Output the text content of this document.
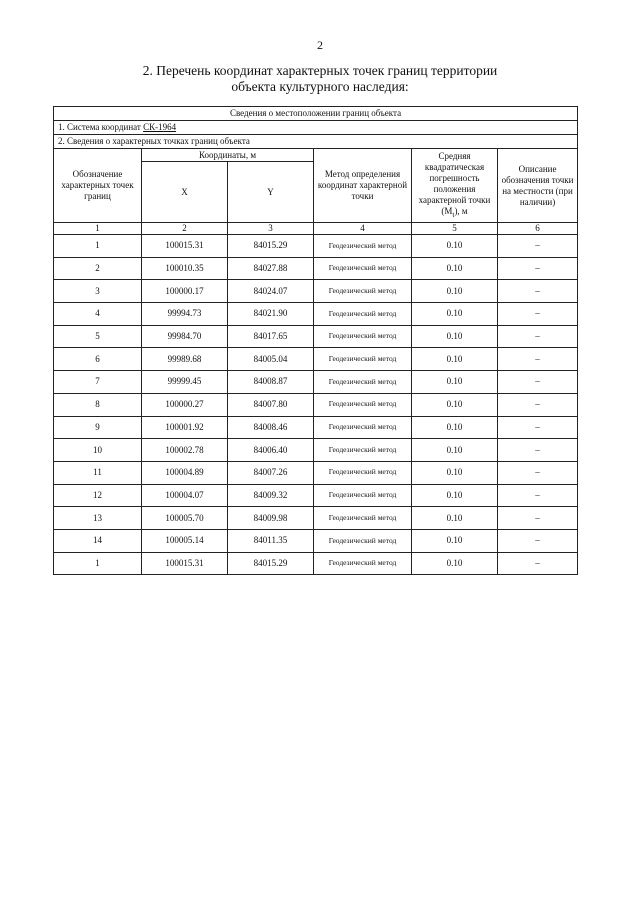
2
2. Перечень координат характерных точек границ территории
объекта культурного наследия:
Сведения о местоположении границ объекта					
1. Система координат СК-1964					
2. Сведения о характерных точках границ объекта					
Обозначение характерных точек границ	Координаты, м		Метод определения координат характерной точки	Средняя квадратическая погрешность положения характерной точки $(M_t)$, м	Описание обозначения точки на местности (при наличии)
	X	Y			
1	2	3	4	5	6
1	100015.31	84015.29	Геодезический метод	0.10	–
2	100010.35	84027.88	Геодезический метод	0.10	–
3	100000.17	84024.07	Геодезический метод	0.10	–
4	99994.73	84021.90	Геодезический метод	0.10	–
5	99984.70	84017.65	Геодезический метод	0.10	–
6	99989.68	84005.04	Геодезический метод	0.10	–
7	99999.45	84008.87	Геодезический метод	0.10	–
8	100000.27	84007.80	Геодезический метод	0.10	–
9	100001.92	84008.46	Геодезический метод	0.10	–
10	100002.78	84006.40	Геодезический метод	0.10	–
11	100004.89	84007.26	Геодезический метод	0.10	–
12	100004.07	84009.32	Геодезический метод	0.10	–
13	100005.70	84009.98	Геодезический метод	0.10	–
14	100005.14	84011.35	Геодезический метод	0.10	–
1	100015.31	84015.29	Геодезический метод	0.10	–
